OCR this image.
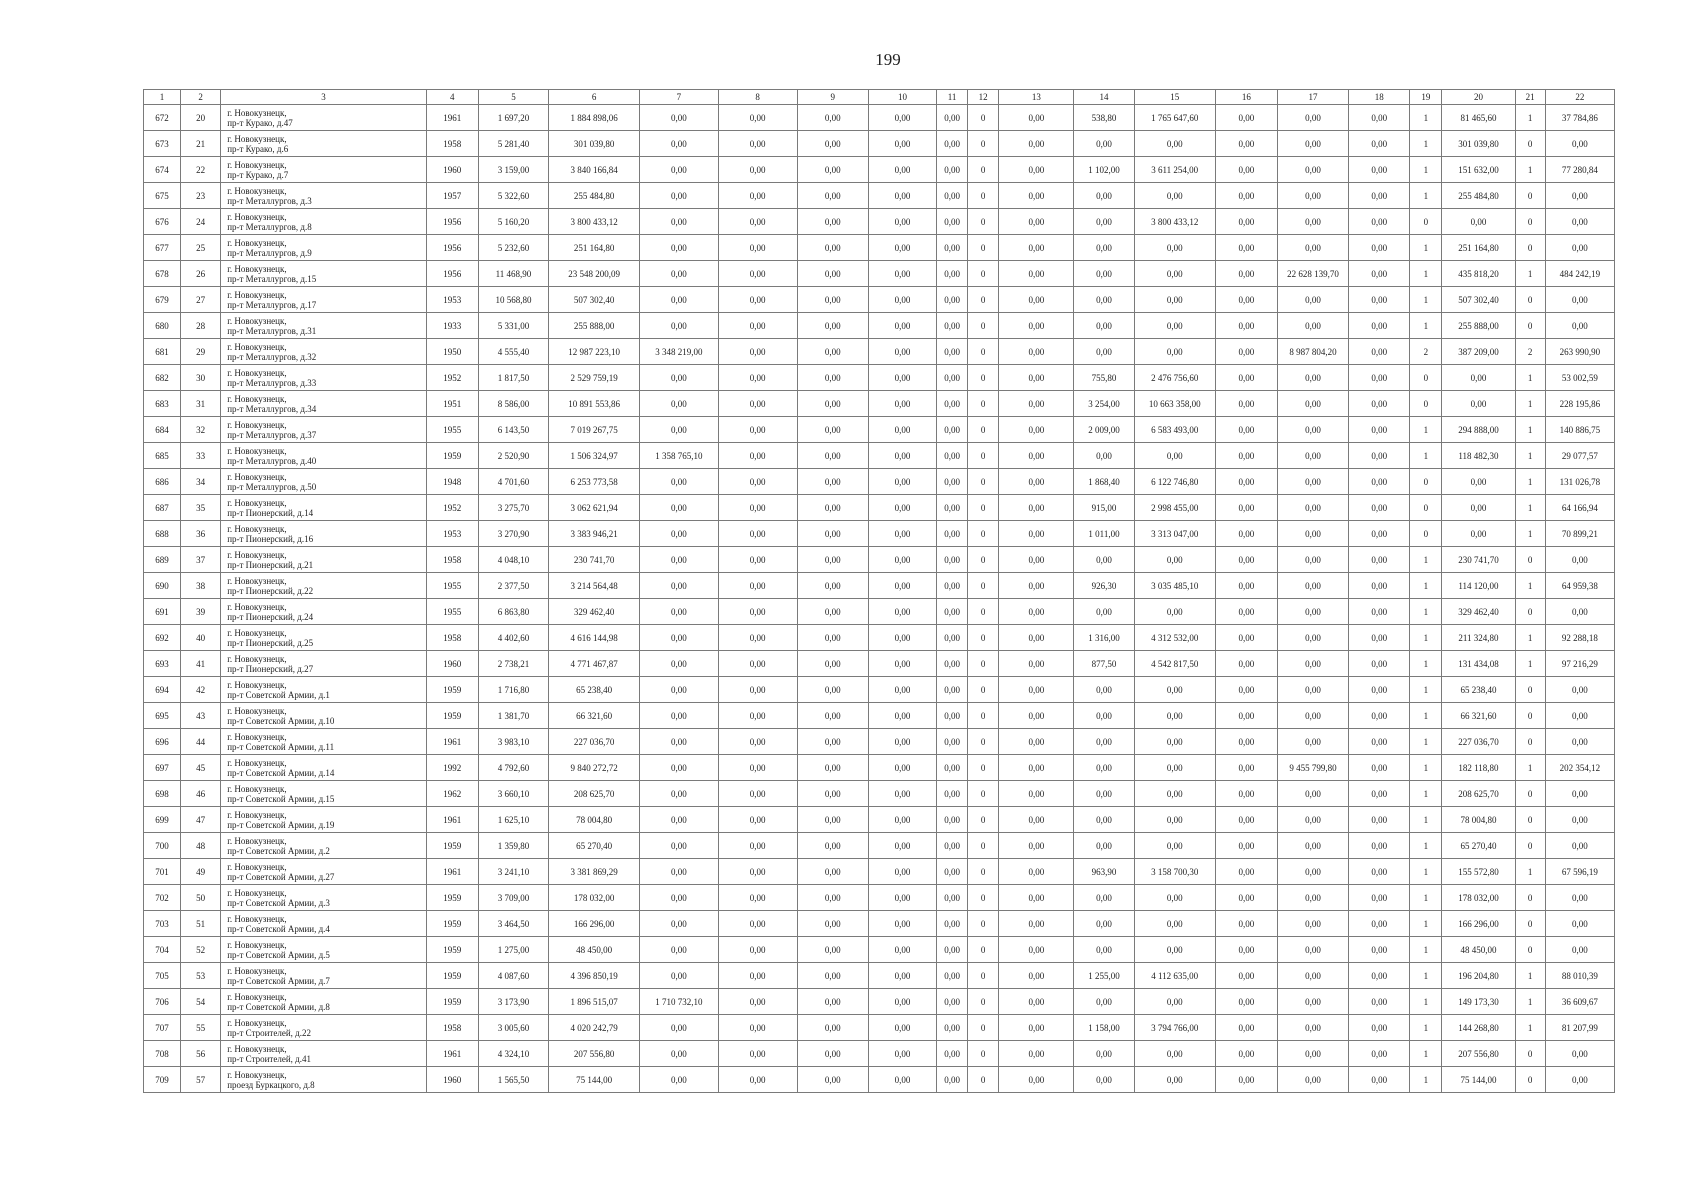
199
1	2	3	4	5	6	7	8	9	10	11	12	13	14	15	16	17	18	19	20	21	22
672	20	г. Новокузнецк,
пр-т Курако, д.47	1961	1 697,20	1 884 898,06	0,00	0,00	0,00	0,00	0,00	0	0,00	538,80	1 765 647,60	0,00	0,00	0,00	1	81 465,60	1	37 784,86
673	21	г. Новокузнецк,
пр-т Курако, д.6	1958	5 281,40	301 039,80	0,00	0,00	0,00	0,00	0,00	0	0,00	0,00	0,00	0,00	0,00	0,00	1	301 039,80	0	0,00
674	22	г. Новокузнецк,
пр-т Курако, д.7	1960	3 159,00	3 840 166,84	0,00	0,00	0,00	0,00	0,00	0	0,00	1 102,00	3 611 254,00	0,00	0,00	0,00	1	151 632,00	1	77 280,84
675	23	г. Новокузнецк,
пр-т Металлургов, д.3	1957	5 322,60	255 484,80	0,00	0,00	0,00	0,00	0,00	0	0,00	0,00	0,00	0,00	0,00	0,00	1	255 484,80	0	0,00
676	24	г. Новокузнецк,
пр-т Металлургов, д.8	1956	5 160,20	3 800 433,12	0,00	0,00	0,00	0,00	0,00	0	0,00	0,00	3 800 433,12	0,00	0,00	0,00	0	0,00	0	0,00
677	25	г. Новокузнецк,
пр-т Металлургов, д.9	1956	5 232,60	251 164,80	0,00	0,00	0,00	0,00	0,00	0	0,00	0,00	0,00	0,00	0,00	0,00	1	251 164,80	0	0,00
678	26	г. Новокузнецк,
пр-т Металлургов, д.15	1956	11 468,90	23 548 200,09	0,00	0,00	0,00	0,00	0,00	0	0,00	0,00	0,00	0,00	22 628 139,70	0,00	1	435 818,20	1	484 242,19
679	27	г. Новокузнецк,
пр-т Металлургов, д.17	1953	10 568,80	507 302,40	0,00	0,00	0,00	0,00	0,00	0	0,00	0,00	0,00	0,00	0,00	0,00	1	507 302,40	0	0,00
680	28	г. Новокузнецк,
пр-т Металлургов, д.31	1933	5 331,00	255 888,00	0,00	0,00	0,00	0,00	0,00	0	0,00	0,00	0,00	0,00	0,00	0,00	1	255 888,00	0	0,00
681	29	г. Новокузнецк,
пр-т Металлургов, д.32	1950	4 555,40	12 987 223,10	3 348 219,00	0,00	0,00	0,00	0,00	0	0,00	0,00	0,00	0,00	8 987 804,20	0,00	2	387 209,00	2	263 990,90
682	30	г. Новокузнецк,
пр-т Металлургов, д.33	1952	1 817,50	2 529 759,19	0,00	0,00	0,00	0,00	0,00	0	0,00	755,80	2 476 756,60	0,00	0,00	0,00	0	0,00	1	53 002,59
683	31	г. Новокузнецк,
пр-т Металлургов, д.34	1951	8 586,00	10 891 553,86	0,00	0,00	0,00	0,00	0,00	0	0,00	3 254,00	10 663 358,00	0,00	0,00	0,00	0	0,00	1	228 195,86
684	32	г. Новокузнецк,
пр-т Металлургов, д.37	1955	6 143,50	7 019 267,75	0,00	0,00	0,00	0,00	0,00	0	0,00	2 009,00	6 583 493,00	0,00	0,00	0,00	1	294 888,00	1	140 886,75
685	33	г. Новокузнецк,
пр-т Металлургов, д.40	1959	2 520,90	1 506 324,97	1 358 765,10	0,00	0,00	0,00	0,00	0	0,00	0,00	0,00	0,00	0,00	0,00	1	118 482,30	1	29 077,57
686	34	г. Новокузнецк,
пр-т Металлургов, д.50	1948	4 701,60	6 253 773,58	0,00	0,00	0,00	0,00	0,00	0	0,00	1 868,40	6 122 746,80	0,00	0,00	0,00	0	0,00	1	131 026,78
687	35	г. Новокузнецк,
пр-т Пионерский, д.14	1952	3 275,70	3 062 621,94	0,00	0,00	0,00	0,00	0,00	0	0,00	915,00	2 998 455,00	0,00	0,00	0,00	0	0,00	1	64 166,94
688	36	г. Новокузнецк,
пр-т Пионерский, д.16	1953	3 270,90	3 383 946,21	0,00	0,00	0,00	0,00	0,00	0	0,00	1 011,00	3 313 047,00	0,00	0,00	0,00	0	0,00	1	70 899,21
689	37	г. Новокузнецк,
пр-т Пионерский, д.21	1958	4 048,10	230 741,70	0,00	0,00	0,00	0,00	0,00	0	0,00	0,00	0,00	0,00	0,00	0,00	1	230 741,70	0	0,00
690	38	г. Новокузнецк,
пр-т Пионерский, д.22	1955	2 377,50	3 214 564,48	0,00	0,00	0,00	0,00	0,00	0	0,00	926,30	3 035 485,10	0,00	0,00	0,00	1	114 120,00	1	64 959,38
691	39	г. Новокузнецк,
пр-т Пионерский, д.24	1955	6 863,80	329 462,40	0,00	0,00	0,00	0,00	0,00	0	0,00	0,00	0,00	0,00	0,00	0,00	1	329 462,40	0	0,00
692	40	г. Новокузнецк,
пр-т Пионерский, д.25	1958	4 402,60	4 616 144,98	0,00	0,00	0,00	0,00	0,00	0	0,00	1 316,00	4 312 532,00	0,00	0,00	0,00	1	211 324,80	1	92 288,18
693	41	г. Новокузнецк,
пр-т Пионерский, д.27	1960	2 738,21	4 771 467,87	0,00	0,00	0,00	0,00	0,00	0	0,00	877,50	4 542 817,50	0,00	0,00	0,00	1	131 434,08	1	97 216,29
694	42	г. Новокузнецк,
пр-т Советской Армии, д.1	1959	1 716,80	65 238,40	0,00	0,00	0,00	0,00	0,00	0	0,00	0,00	0,00	0,00	0,00	0,00	1	65 238,40	0	0,00
695	43	г. Новокузнецк,
пр-т Советской Армии, д.10	1959	1 381,70	66 321,60	0,00	0,00	0,00	0,00	0,00	0	0,00	0,00	0,00	0,00	0,00	0,00	1	66 321,60	0	0,00
696	44	г. Новокузнецк,
пр-т Советской Армии, д.11	1961	3 983,10	227 036,70	0,00	0,00	0,00	0,00	0,00	0	0,00	0,00	0,00	0,00	0,00	0,00	1	227 036,70	0	0,00
697	45	г. Новокузнецк,
пр-т Советской Армии, д.14	1992	4 792,60	9 840 272,72	0,00	0,00	0,00	0,00	0,00	0	0,00	0,00	0,00	0,00	9 455 799,80	0,00	1	182 118,80	1	202 354,12
698	46	г. Новокузнецк,
пр-т Советской Армии, д.15	1962	3 660,10	208 625,70	0,00	0,00	0,00	0,00	0,00	0	0,00	0,00	0,00	0,00	0,00	0,00	1	208 625,70	0	0,00
699	47	г. Новокузнецк,
пр-т Советской Армии, д.19	1961	1 625,10	78 004,80	0,00	0,00	0,00	0,00	0,00	0	0,00	0,00	0,00	0,00	0,00	0,00	1	78 004,80	0	0,00
700	48	г. Новокузнецк,
пр-т Советской Армии, д.2	1959	1 359,80	65 270,40	0,00	0,00	0,00	0,00	0,00	0	0,00	0,00	0,00	0,00	0,00	0,00	1	65 270,40	0	0,00
701	49	г. Новокузнецк,
пр-т Советской Армии, д.27	1961	3 241,10	3 381 869,29	0,00	0,00	0,00	0,00	0,00	0	0,00	963,90	3 158 700,30	0,00	0,00	0,00	1	155 572,80	1	67 596,19
702	50	г. Новокузнецк,
пр-т Советской Армии, д.3	1959	3 709,00	178 032,00	0,00	0,00	0,00	0,00	0,00	0	0,00	0,00	0,00	0,00	0,00	0,00	1	178 032,00	0	0,00
703	51	г. Новокузнецк,
пр-т Советской Армии, д.4	1959	3 464,50	166 296,00	0,00	0,00	0,00	0,00	0,00	0	0,00	0,00	0,00	0,00	0,00	0,00	1	166 296,00	0	0,00
704	52	г. Новокузнецк,
пр-т Советской Армии, д.5	1959	1 275,00	48 450,00	0,00	0,00	0,00	0,00	0,00	0	0,00	0,00	0,00	0,00	0,00	0,00	1	48 450,00	0	0,00
705	53	г. Новокузнецк,
пр-т Советской Армии, д.7	1959	4 087,60	4 396 850,19	0,00	0,00	0,00	0,00	0,00	0	0,00	1 255,00	4 112 635,00	0,00	0,00	0,00	1	196 204,80	1	88 010,39
706	54	г. Новокузнецк,
пр-т Советской Армии, д.8	1959	3 173,90	1 896 515,07	1 710 732,10	0,00	0,00	0,00	0,00	0	0,00	0,00	0,00	0,00	0,00	0,00	1	149 173,30	1	36 609,67
707	55	г. Новокузнецк,
пр-т Строителей, д.22	1958	3 005,60	4 020 242,79	0,00	0,00	0,00	0,00	0,00	0	0,00	1 158,00	3 794 766,00	0,00	0,00	0,00	1	144 268,80	1	81 207,99
708	56	г. Новокузнецк,
пр-т Строителей, д.41	1961	4 324,10	207 556,80	0,00	0,00	0,00	0,00	0,00	0	0,00	0,00	0,00	0,00	0,00	0,00	1	207 556,80	0	0,00
709	57	г. Новокузнецк,
проезд Буркацкого, д.8	1960	1 565,50	75 144,00	0,00	0,00	0,00	0,00	0,00	0	0,00	0,00	0,00	0,00	0,00	0,00	1	75 144,00	0	0,00
